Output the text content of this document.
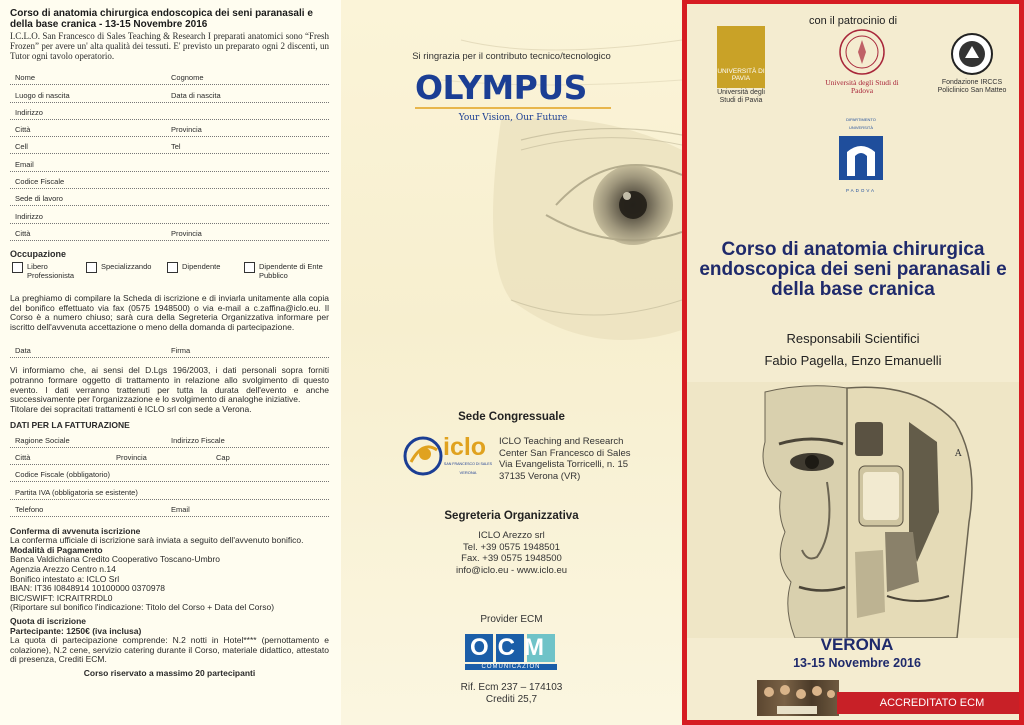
Corso di anatomia chirurgica endoscopica dei seni paranasali e della base cranica - 13-15 Novembre 2016
I.C.L.O. San Francesco di Sales Teaching & Research I preparati anatomici sono “Fresh Frozen” per avere un' alta qualità dei tessuti. E' previsto un preparato ogni 2 discenti, un Tutor ogni tavolo operatorio.
Nome	Cognome
Luogo di nascita	Data di nascita
Indirizzo
Città	Provincia
Cell	Tel
Email
Codice Fiscale
Sede di lavoro
Indirizzo
Città	Provincia
Occupazione
Libero Professionista
Specializzando	Dipendente	Dipendente di Ente Pubblico
La preghiamo di compilare la Scheda di iscrizione e di inviarla unitamente alla copia del bonifico effettuato via fax (0575 1948500) o via e-mail a c.zaffina@iclo.eu. Il Corso è a numero chiuso; sarà cura della Segreteria Organizzativa informare per iscritto dell'avvenuta accettazione o meno della domanda di partecipazione.
Data	Firma
Vi informiamo che, ai sensi del D.Lgs 196/2003, i dati personali sopra forniti potranno formare oggetto di trattamento in relazione allo svolgimento di questo evento. I dati verranno trattenuti per tutta la durata dell'evento e anche successivamente per l'organizzazione e lo svolgimento di analoghe iniziative.
Titolare dei sopracitati trattamenti è ICLO srl con sede a Verona.
DATI PER LA FATTURAZIONE
Ragione Sociale	Indirizzo Fiscale
Città	Provincia	Cap
Codice Fiscale (obbligatorio)
Partita IVA (obbligatoria se esistente)
Telefono	Email
Conferma di avvenuta iscrizione
La conferma ufficiale di iscrizione sarà inviata a seguito dell'avvenuto bonifico.
Modalità di Pagamento
Banca Valdichiana Credito Cooperativo Toscano-Umbro
Agenzia Arezzo Centro n.14
Bonifico intestato a: ICLO Srl
IBAN: IT36 I0848914 10100000 0370978
BIC/SWIFT: ICRAITRRDL0
(Riportare sul bonifico l'indicazione: Titolo del Corso + Data del Corso)
Quota di iscrizione
Partecipante: 1250€ (iva inclusa)
La quota di partecipazione comprende: N.2 notti in Hotel**** (pernottamento e colazione), N.2 cene, servizio catering durante il Corso, materiale didattico, attestato di presenza, Crediti ECM.
Corso riservato a massimo 20 partecipanti
Si ringrazia per il contributo tecnico/tecnologico
OLYMPUS
Your Vision, Our Future
Sede Congressuale
iclo
SAN FRANCESCO DI SALES
VERONA
ICLO Teaching and Research
Center San Francesco di Sales
Via Evangelista Torricelli, n. 15
37135 Verona (VR)
Segreteria Organizzativa
ICLO Arezzo srl
Tel. +39 0575 1948501
Fax. +39 0575 1948500
info@iclo.eu - www.iclo.eu
Provider ECM
OCM
COMUNICAZION
Rif. Ecm 237 – 174103
Crediti 25,7
con il patrocinio di
UNIVERSITÀ DI PAVIA
Università degli Studi di Pavia
Università degli Studi di Padova
Fondazione IRCCS Policlinico San Matteo
DIPARTIMENTO UNIVERSITÀ
PADOVA
Corso di anatomia chirurgica endoscopica dei seni paranasali e della base cranica
Responsabili Scientifici
Fabio Pagella, Enzo Emanuelli
A
VERONA
13-15 Novembre 2016
ACCREDITATO ECM
